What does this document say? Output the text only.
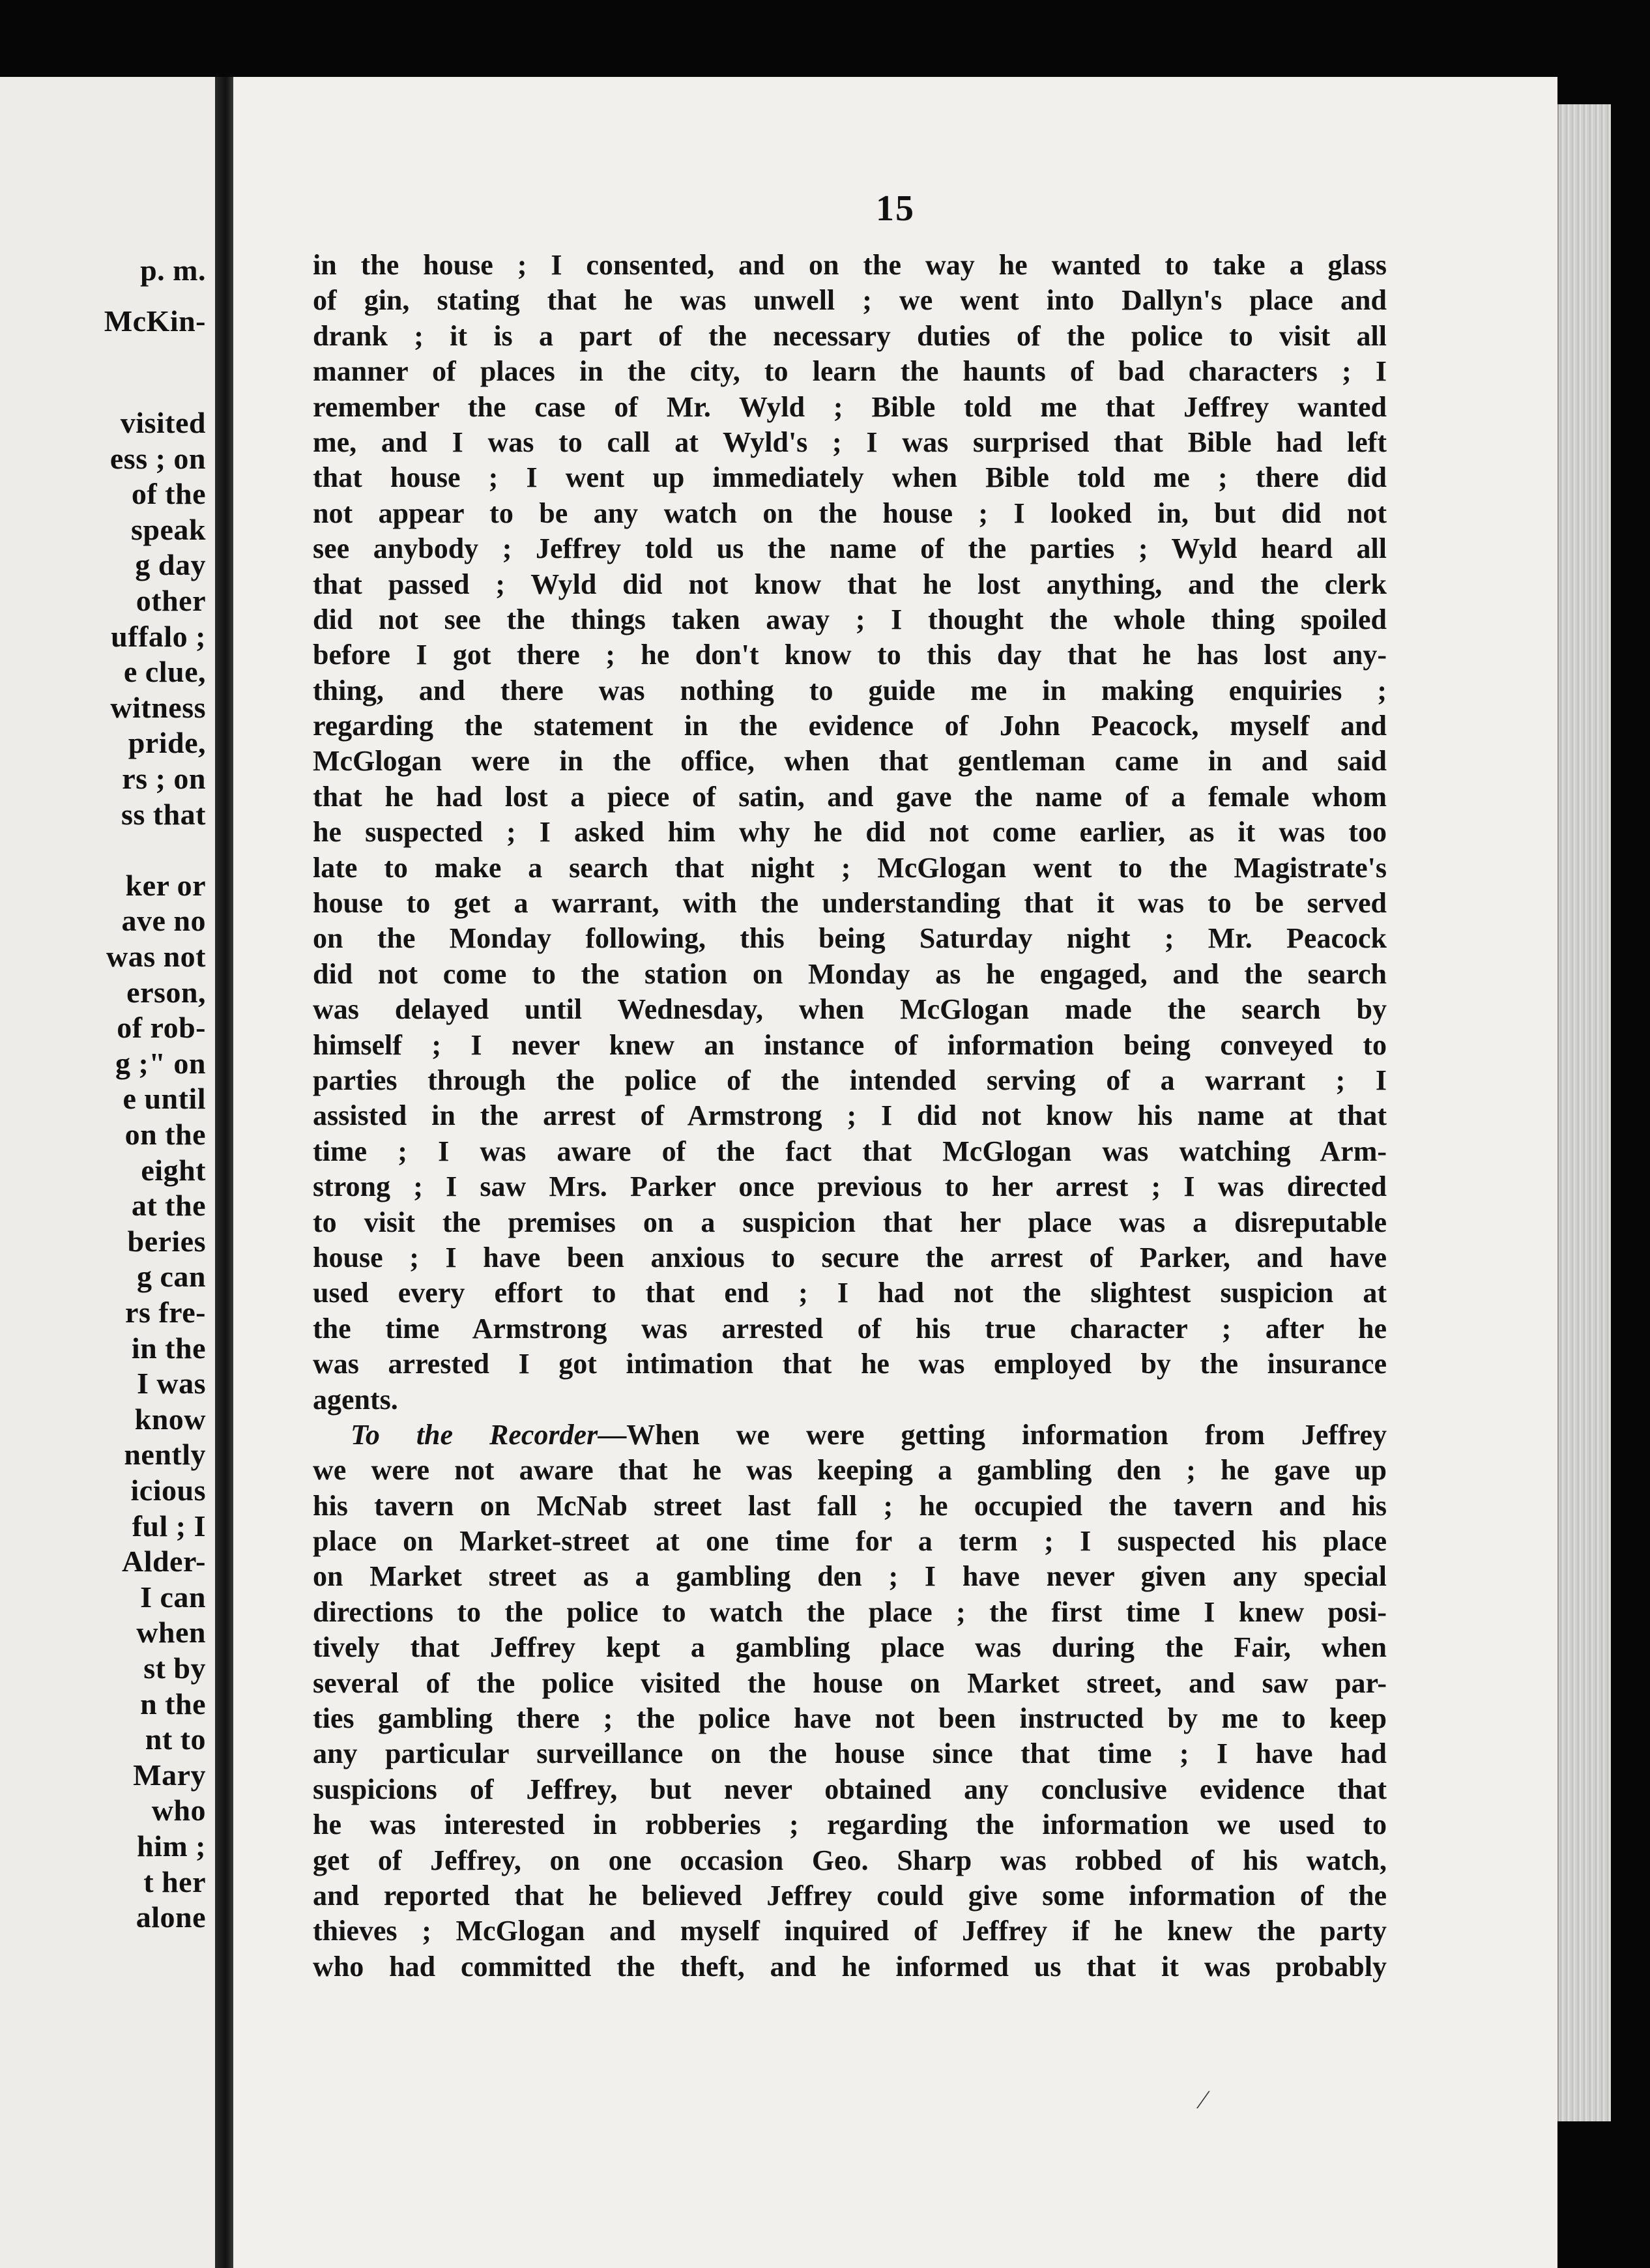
p. m.
McKin-
visited
ess ; on
of the
speak
g day
other
uffalo ;
e clue,
witness
pride,
rs ; on
ss that
ker or
ave no
was not
erson,
of rob-
g ;" on
e until
on the
eight
at the
beries
g can
rs fre-
in the
I was
know
nently
icious
ful ; I
Alder-
I can
when
st by
n the
nt to
Mary
who
him ;
t her
alone
15
in the house ; I consented, and on the way he wanted to take a glass
of gin, stating that he was unwell ; we went into Dallyn's place and
drank ; it is a part of the necessary duties of the police to visit all
manner of places in the city, to learn the haunts of bad characters ; I
remember the case of Mr. Wyld ; Bible told me that Jeffrey wanted
me, and I was to call at Wyld's ; I was surprised that Bible had left
that house ; I went up immediately when Bible told me ; there did
not appear to be any watch on the house ; I looked in, but did not
see anybody ; Jeffrey told us the name of the parties ; Wyld heard all
that passed ; Wyld did not know that he lost anything, and the clerk
did not see the things taken away ; I thought the whole thing spoiled
before I got there ; he don't know to this day that he has lost any-
thing, and there was nothing to guide me in making enquiries ;
regarding the statement in the evidence of John Peacock, myself and
McGlogan were in the office, when that gentleman came in and said
that he had lost a piece of satin, and gave the name of a female whom
he suspected ; I asked him why he did not come earlier, as it was too
late to make a search that night ; McGlogan went to the Magistrate's
house to get a warrant, with the understanding that it was to be served
on the Monday following, this being Saturday night ; Mr. Peacock
did not come to the station on Monday as he engaged, and the search
was delayed until Wednesday, when McGlogan made the search by
himself ; I never knew an instance of information being conveyed to
parties through the police of the intended serving of a warrant ; I
assisted in the arrest of Armstrong ; I did not know his name at that
time ; I was aware of the fact that McGlogan was watching Arm-
strong ; I saw Mrs. Parker once previous to her arrest ; I was directed
to visit the premises on a suspicion that her place was a disreputable
house ; I have been anxious to secure the arrest of Parker, and have
used every effort to that end ; I had not the slightest suspicion at
the time Armstrong was arrested of his true character ; after he
was arrested I got intimation that he was employed by the insurance
agents.
To the Recorder—When we were getting information from Jeffrey
we were not aware that he was keeping a gambling den ; he gave up
his tavern on McNab street last fall ; he occupied the tavern and his
place on Market-street at one time for a term ; I suspected his place
on Market street as a gambling den ; I have never given any special
directions to the police to watch the place ; the first time I knew posi-
tively that Jeffrey kept a gambling place was during the Fair, when
several of the police visited the house on Market street, and saw par-
ties gambling there ; the police have not been instructed by me to keep
any particular surveillance on the house since that time ; I have had
suspicions of Jeffrey, but never obtained any conclusive evidence that
he was interested in robberies ; regarding the information we used to
get of Jeffrey, on one occasion Geo. Sharp was robbed of his watch,
and reported that he believed Jeffrey could give some information of the
thieves ; McGlogan and myself inquired of Jeffrey if he knew the party
who had committed the theft, and he informed us that it was probably
⁄
